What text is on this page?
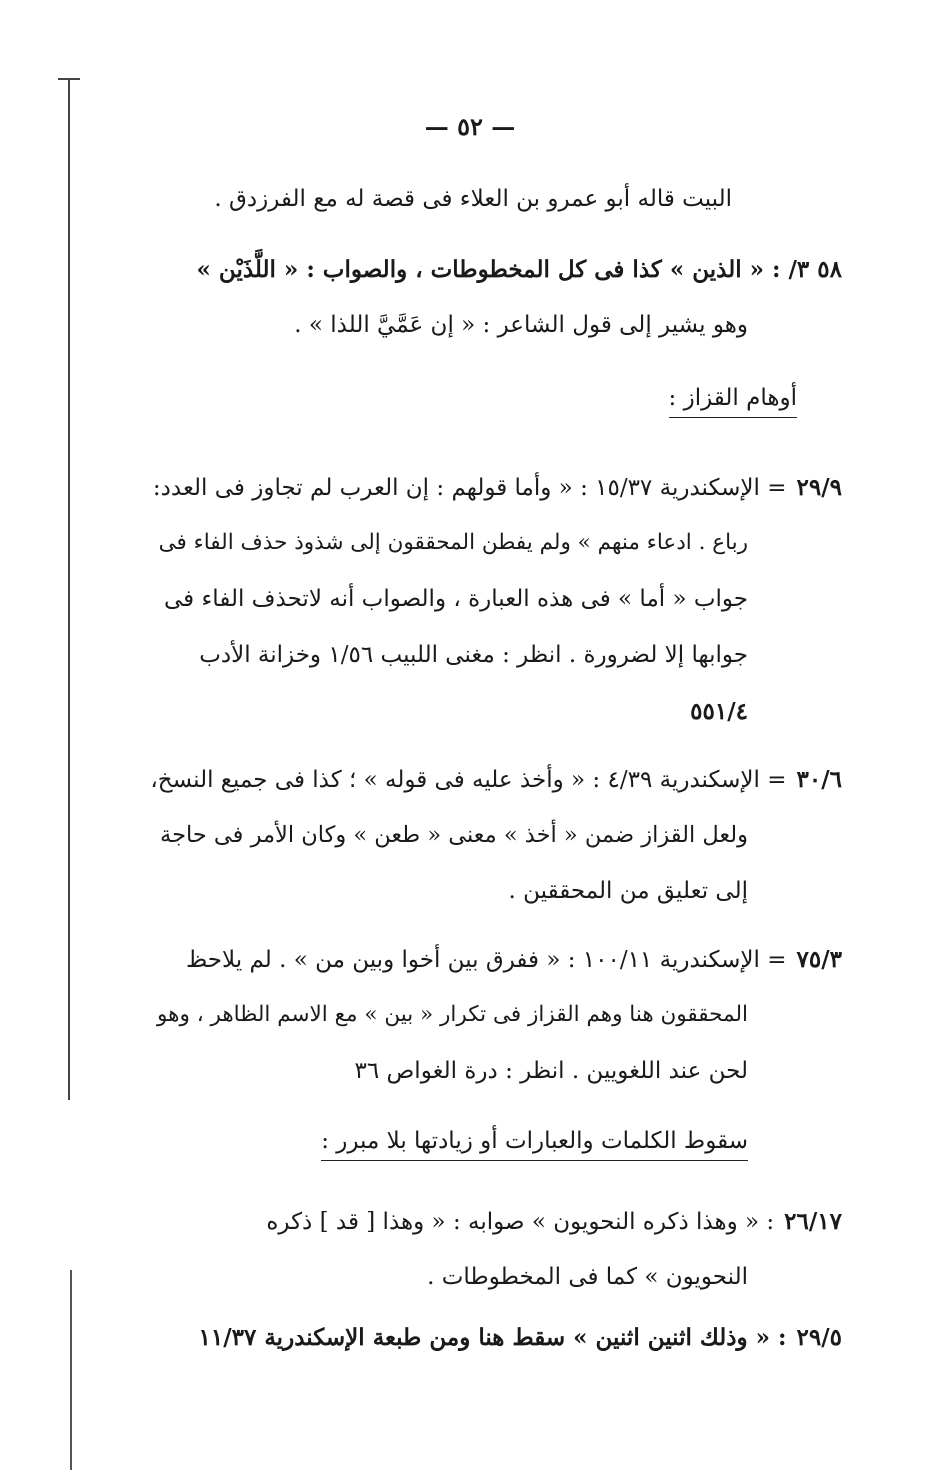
— ٥٢ —
البيت قاله أبو عمرو بن العلاء فى قصة له مع الفرزدق .
٥٨ ٣/ : « الذين » كذا فى كل المخطوطات ، والصواب : « اللَّذَيْن »
وهو يشير إلى قول الشاعر : « إن عَمَّيَّ اللذا » .
أوهام القزاز :
٢٩/٩= الإسكندرية ١٥/٣٧ : « وأما قولهم : إن العرب لم تجاوز فى العدد:
رباع . ادعاء منهم » ولم يفطن المحققون إلى شذوذ حذف الفاء فى
جواب « أما » فى هذه العبارة ، والصواب أنه لاتحذف الفاء فى
جوابها إلا لضرورة . انظر : مغنى اللبيب ١/٥٦ وخزانة الأدب
٥٥١/٤
٣٠/٦= الإسكندرية ٤/٣٩ : « وأخذ عليه فى قوله » ؛ كذا فى جميع النسخ،
ولعل القزاز ضمن « أخذ » معنى « طعن » وكان الأمر فى حاجة
إلى تعليق من المحققين .
٧٥/٣= الإسكندرية ١٠٠/١١ : « ففرق بين أخوا وبين من » . لم يلاحظ
المحققون هنا وهم القزاز فى تكرار « بين » مع الاسم الظاهر ، وهو
لحن عند اللغويين . انظر : درة الغواص ٣٦
سقوط الكلمات والعبارات أو زيادتها بلا مبرر :
٢٦/١٧: « وهذا ذكره النحويون » صوابه : « وهذا [ قد ] ذكره
النحويون » كما فى المخطوطات .
٢٩/٥: « وذلك اثنين اثنين » سقط هنا ومن طبعة الإسكندرية ١١/٣٧
